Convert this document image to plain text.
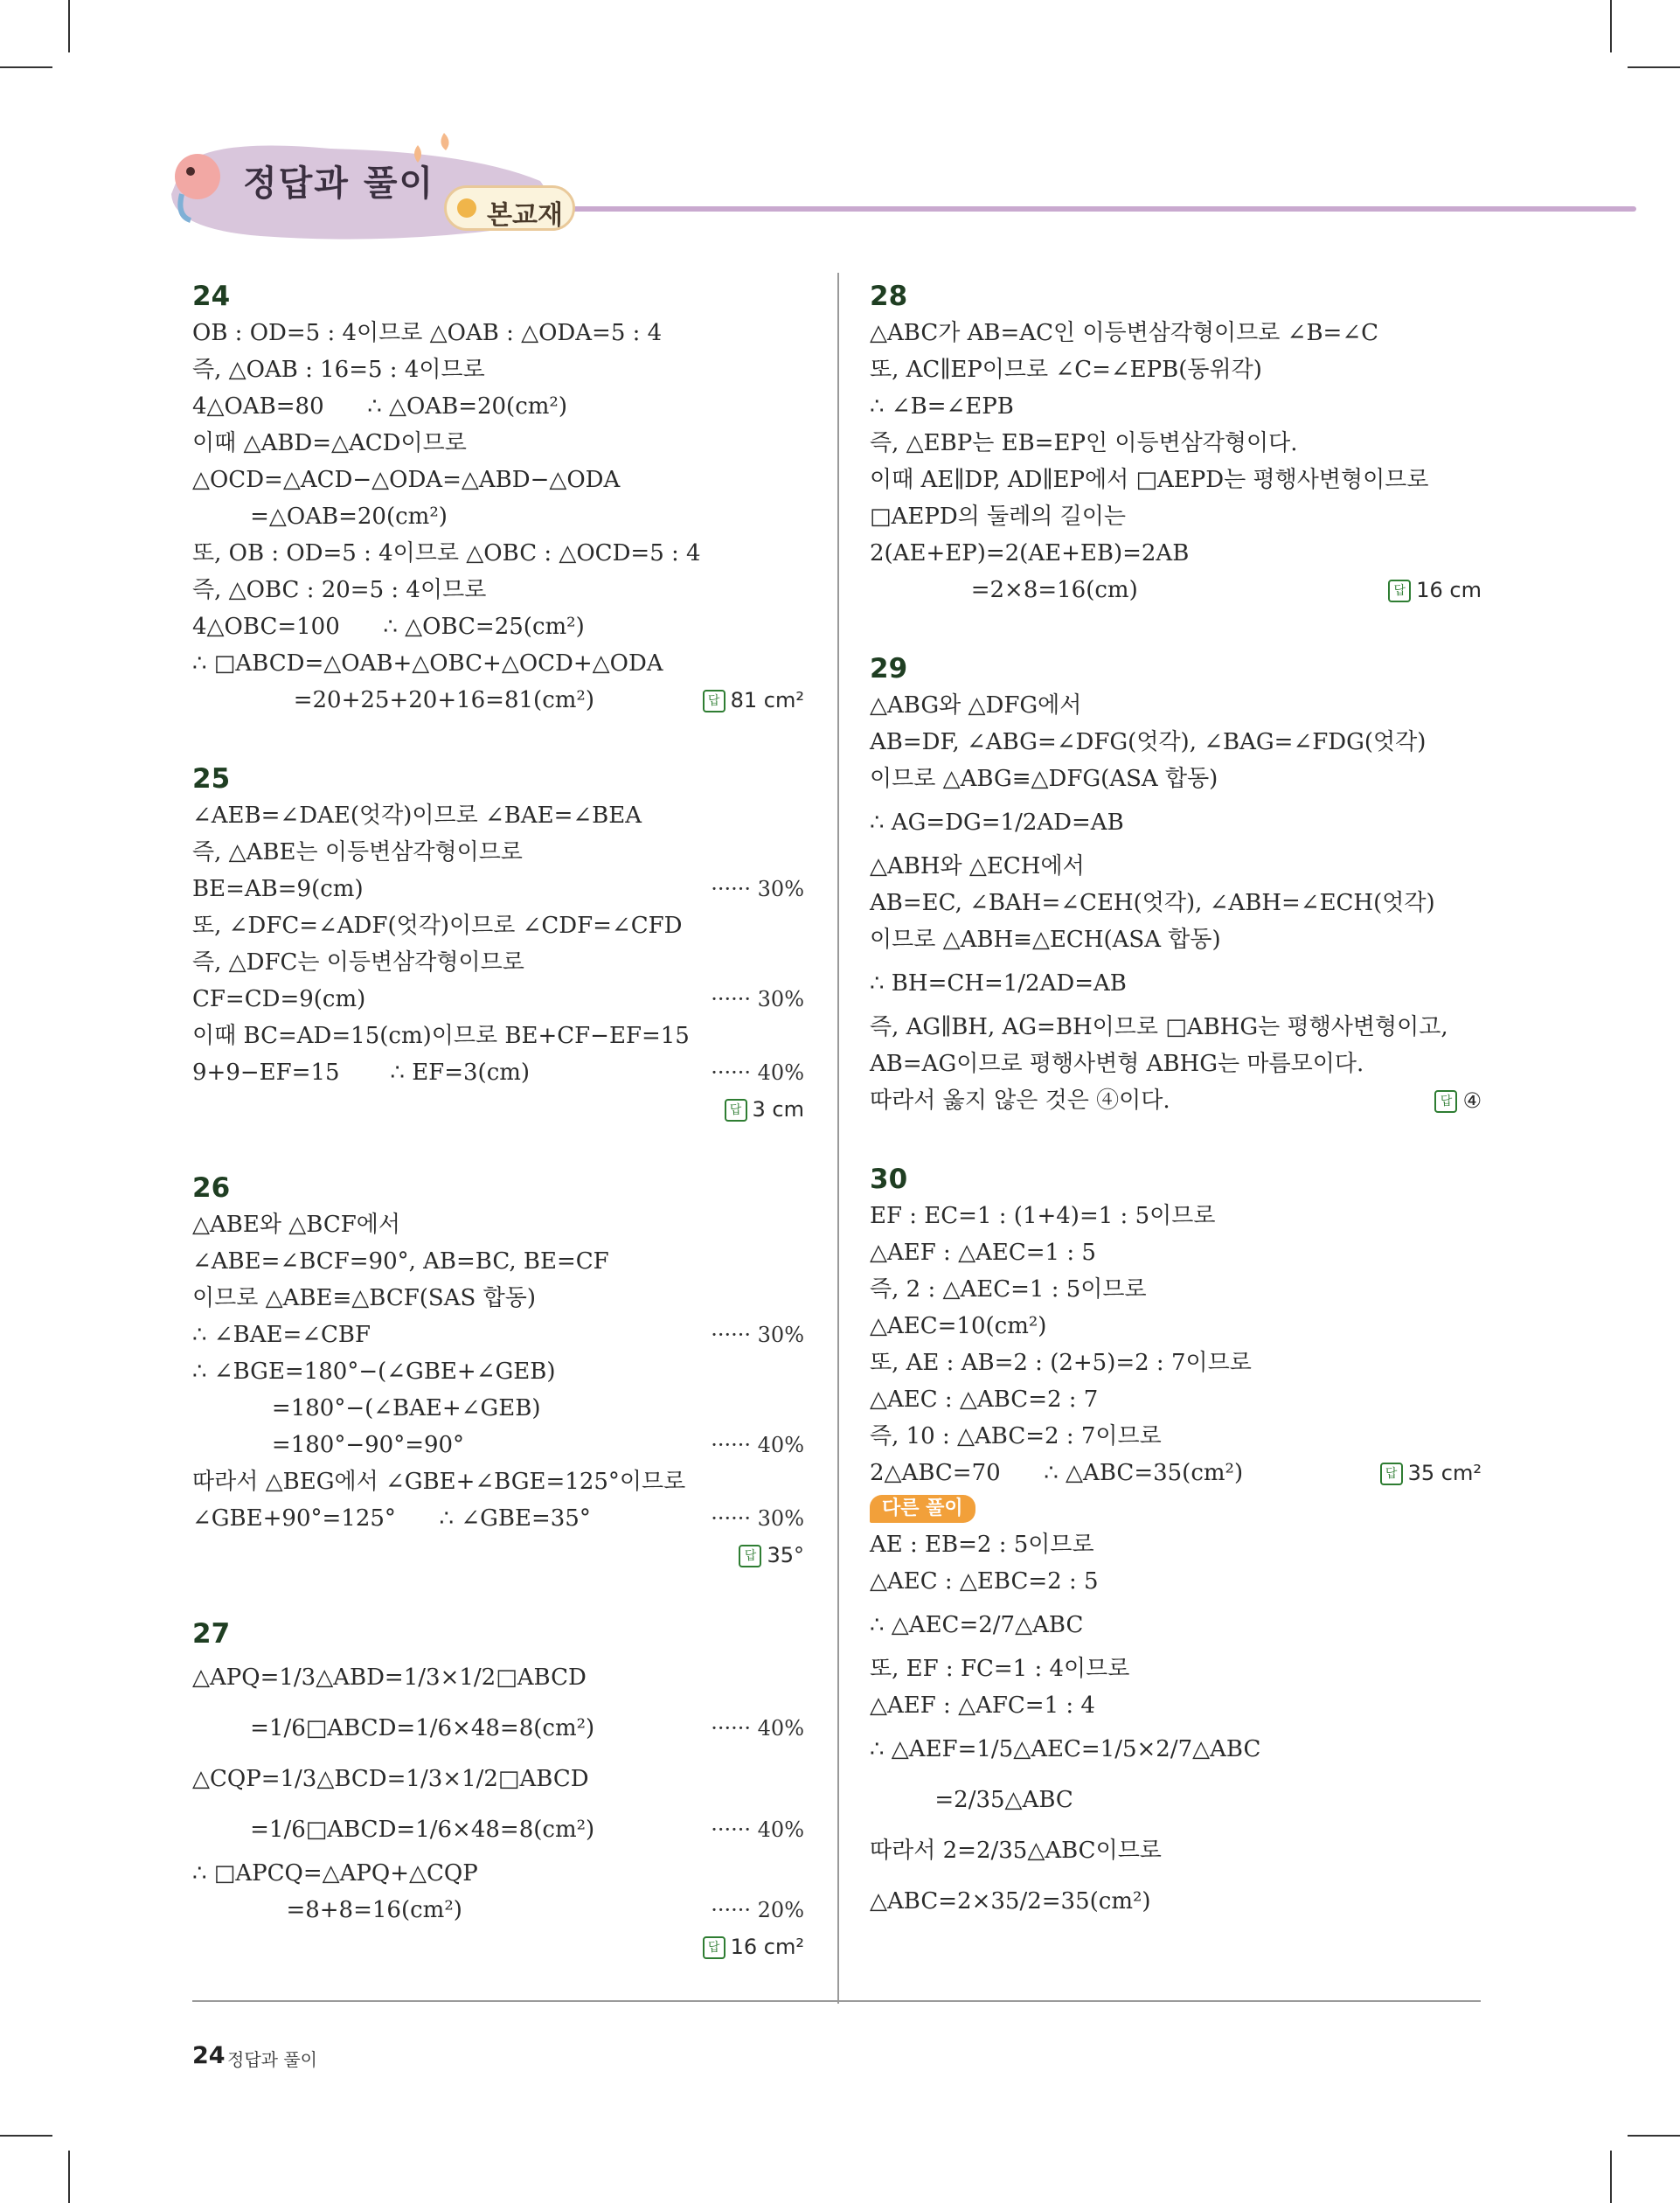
정답과 풀이
본교재
24
OB : OD=5 : 4이므로 △OAB : △ODA=5 : 4
즉, △OAB : 16=5 : 4이므로
4△OAB=80      ∴ △OAB=20(cm²)
이때 △ABD=△ACD이므로
△OCD=△ACD−△ODA=△ABD−△ODA
=△OAB=20(cm²)
또, OB : OD=5 : 4이므로 △OBC : △OCD=5 : 4
즉, △OBC : 20=5 : 4이므로
4△OBC=100      ∴ △OBC=25(cm²)
∴ □ABCD=△OAB+△OBC+△OCD+△ODA
=20+25+20+16=81(cm²)	답 81 cm²
25
∠AEB=∠DAE(엇각)이므로 ∠BAE=∠BEA
즉, △ABE는 이등변삼각형이므로
BE=AB=9(cm)	······ 30%
또, ∠DFC=∠ADF(엇각)이므로 ∠CDF=∠CFD
즉, △DFC는 이등변삼각형이므로
CF=CD=9(cm)	······ 30%
이때 BC=AD=15(cm)이므로 BE+CF−EF=15
9+9−EF=15       ∴ EF=3(cm)	······ 40%
답 3 cm
26
△ABE와 △BCF에서
∠ABE=∠BCF=90°, AB=BC, BE=CF
이므로 △ABE≡△BCF(SAS 합동)
∴ ∠BAE=∠CBF	······ 30%
∴ ∠BGE=180°−(∠GBE+∠GEB)
=180°−(∠BAE+∠GEB)
=180°−90°=90°	······ 40%
따라서 △BEG에서 ∠GBE+∠BGE=125°이므로
∠GBE+90°=125°      ∴ ∠GBE=35°	······ 30%
답 35°
27
△APQ=1/3△ABD=1/3×1/2□ABCD
=1/6□ABCD=1/6×48=8(cm²)	······ 40%
△CQP=1/3△BCD=1/3×1/2□ABCD
=1/6□ABCD=1/6×48=8(cm²)	······ 40%
∴ □APCQ=△APQ+△CQP
=8+8=16(cm²)	······ 20%
답 16 cm²
28
△ABC가 AB=AC인 이등변삼각형이므로 ∠B=∠C
또, AC∥EP이므로 ∠C=∠EPB(동위각)
∴ ∠B=∠EPB
즉, △EBP는 EB=EP인 이등변삼각형이다.
이때 AE∥DP, AD∥EP에서 □AEPD는 평행사변형이므로
□AEPD의 둘레의 길이는
2(AE+EP)=2(AE+EB)=2AB
=2×8=16(cm)	답 16 cm
29
△ABG와 △DFG에서
AB=DF, ∠ABG=∠DFG(엇각), ∠BAG=∠FDG(엇각)
이므로 △ABG≡△DFG(ASA 합동)
∴ AG=DG=1/2AD=AB
△ABH와 △ECH에서
AB=EC, ∠BAH=∠CEH(엇각), ∠ABH=∠ECH(엇각)
이므로 △ABH≡△ECH(ASA 합동)
∴ BH=CH=1/2AD=AB
즉, AG∥BH, AG=BH이므로 □ABHG는 평행사변형이고,
AB=AG이므로 평행사변형 ABHG는 마름모이다.
따라서 옳지 않은 것은 ④이다.	답 ④
30
EF : EC=1 : (1+4)=1 : 5이므로
△AEF : △AEC=1 : 5
즉, 2 : △AEC=1 : 5이므로
△AEC=10(cm²)
또, AE : AB=2 : (2+5)=2 : 7이므로
△AEC : △ABC=2 : 7
즉, 10 : △ABC=2 : 7이므로
2△ABC=70      ∴ △ABC=35(cm²)	답 35 cm²
다른 풀이
AE : EB=2 : 5이므로
△AEC : △EBC=2 : 5
∴ △AEC=2/7△ABC
또, EF : FC=1 : 4이므로
△AEF : △AFC=1 : 4
∴ △AEF=1/5△AEC=1/5×2/7△ABC
=2/35△ABC
따라서 2=2/35△ABC이므로
△ABC=2×35/2=35(cm²)
24 정답과 풀이
